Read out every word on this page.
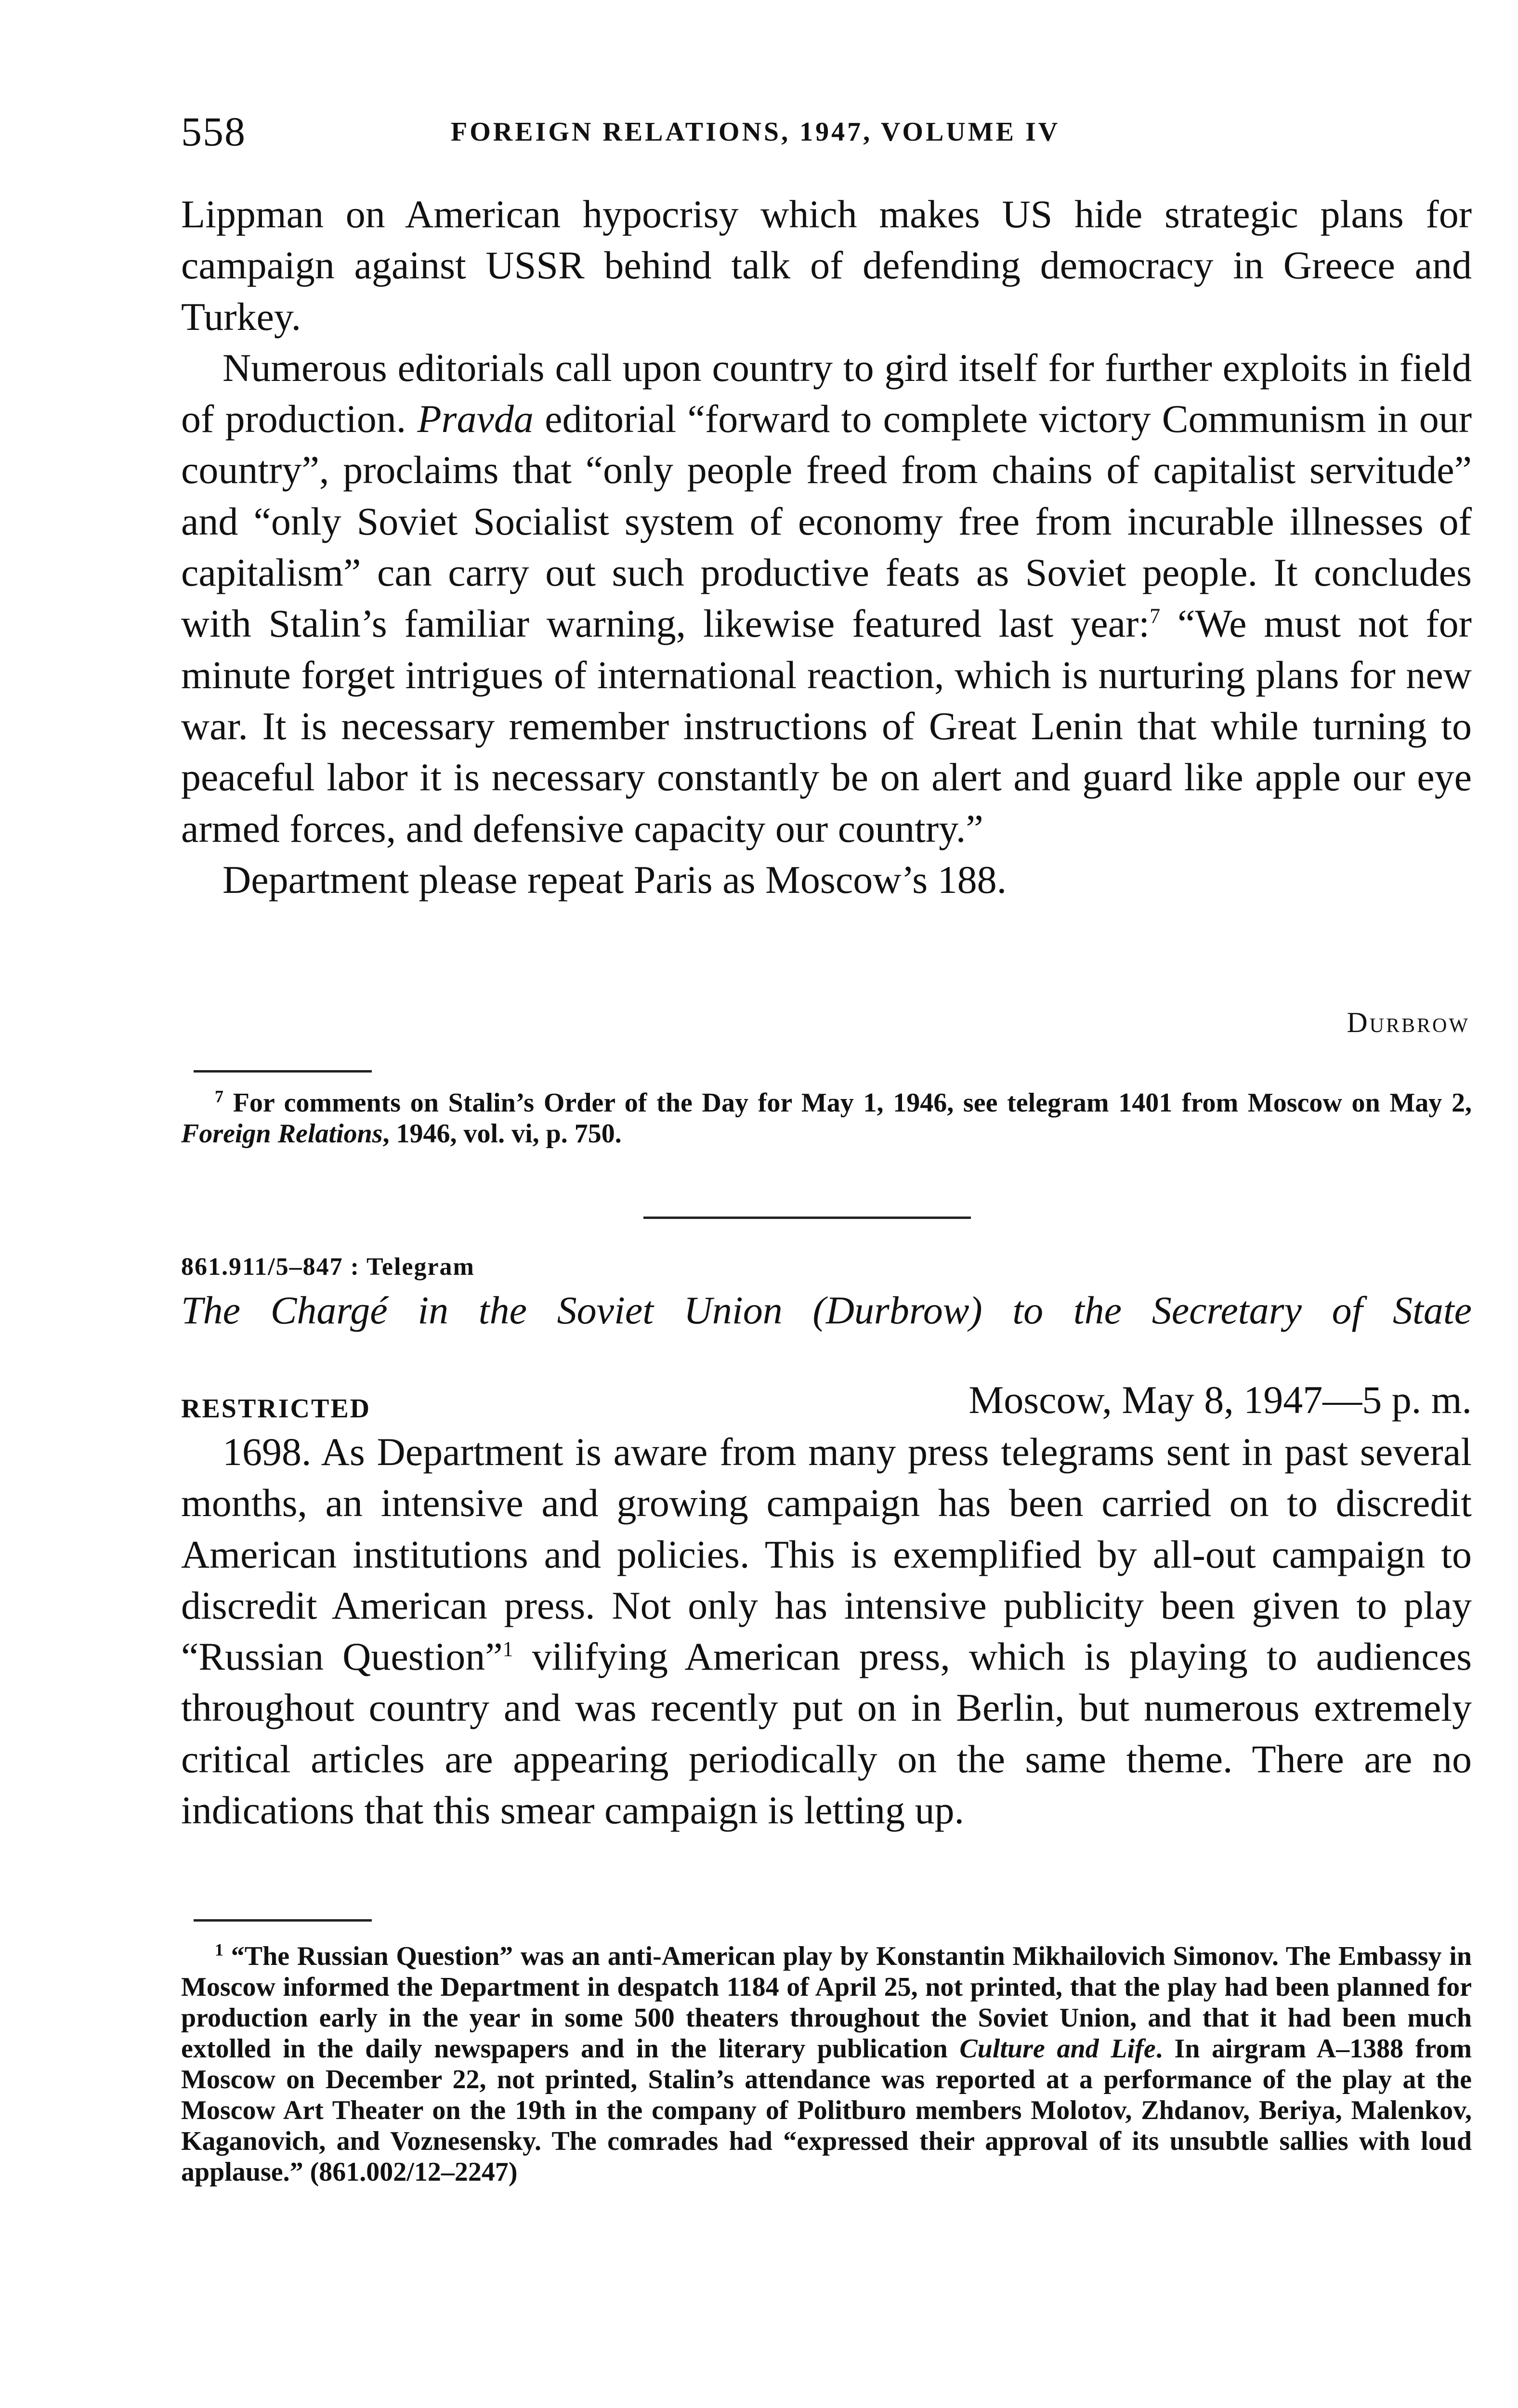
558	FOREIGN RELATIONS, 1947, VOLUME IV

Lippman on American hypocrisy which makes US hide strategic plans for campaign against USSR behind talk of defending democracy in Greece and Turkey.

Numerous editorials call upon country to gird itself for further exploits in field of production. Pravda editorial “forward to complete victory Communism in our country”, proclaims that “only people freed from chains of capitalist servitude” and “only Soviet Socialist system of economy free from incurable illnesses of capitalism” can carry out such productive feats as Soviet people. It concludes with Stalin’s familiar warning, likewise featured last year:$^7$ “We must not for minute forget intrigues of international reaction, which is nurturing plans for new war. It is necessary remember instructions of Great Lenin that while turning to peaceful labor it is necessary constantly be on alert and guard like apple our eye armed forces, and defensive capacity our country.”

Department please repeat Paris as Moscow’s 188.

Durbrow

$^7$ For comments on Stalin’s Order of the Day for May 1, 1946, see telegram 1401 from Moscow on May 2, Foreign Relations, 1946, vol. vi, p. 750.

861.911/5–847 : Telegram
The Chargé in the Soviet Union (Durbrow) to the Secretary of State
RESTRICTED	Moscow, May 8, 1947—5 p. m.

1698. As Department is aware from many press telegrams sent in past several months, an intensive and growing campaign has been carried on to discredit American institutions and policies. This is exemplified by all-out campaign to discredit American press. Not only has intensive publicity been given to play “Russian Question”$^1$ vilifying American press, which is playing to audiences throughout country and was recently put on in Berlin, but numerous extremely critical articles are appearing periodically on the same theme. There are no indications that this smear campaign is letting up.

$^1$ “The Russian Question” was an anti-American play by Konstantin Mikhailovich Simonov. The Embassy in Moscow informed the Department in despatch 1184 of April 25, not printed, that the play had been planned for production early in the year in some 500 theaters throughout the Soviet Union, and that it had been much extolled in the daily newspapers and in the literary publication Culture and Life. In airgram A–1388 from Moscow on December 22, not printed, Stalin’s attendance was reported at a performance of the play at the Moscow Art Theater on the 19th in the company of Politburo members Molotov, Zhdanov, Beriya, Malenkov, Kaganovich, and Voznesensky. The comrades had “expressed their approval of its unsubtle sallies with loud applause.” (861.002/12–2247)
